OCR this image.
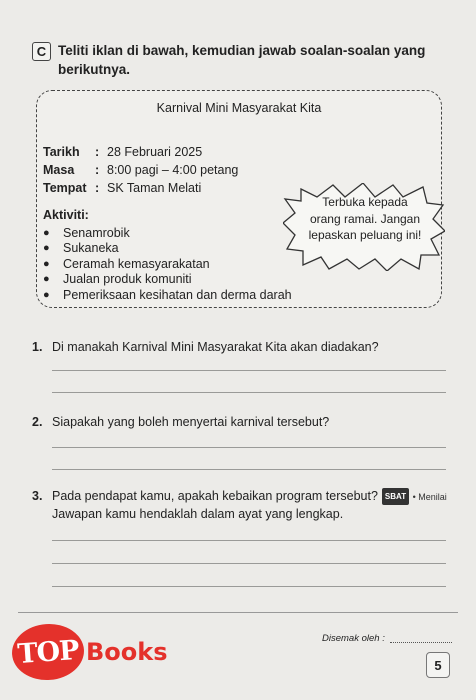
C Teliti iklan di bawah, kemudian jawab soalan-soalan yang
berikutnya.
Karnival Mini Masyarakat Kita
Tarikh	: 28 Februari 2025
Masa	: 8:00 pagi – 4:00 petang
Tempat : SK Taman Melati
Aktiviti:
●	Senamrobik
●	Sukaneka
●	Ceramah kemasyarakatan
●	Jualan produk komuniti
●	Pemeriksaan kesihatan dan derma darah
Terbuka kepada
orang ramai. Jangan
lepaskan peluang ini!
1. Di manakah Karnival Mini Masyarakat Kita akan diadakan?
2. Siapakah yang boleh menyertai karnival tersebut?
3. Pada pendapat kamu, apakah kebaikan program tersebut? SBAT • Menilai
Jawapan kamu hendaklah dalam ayat yang lengkap.
Disemak oleh :
5
TOP Books
